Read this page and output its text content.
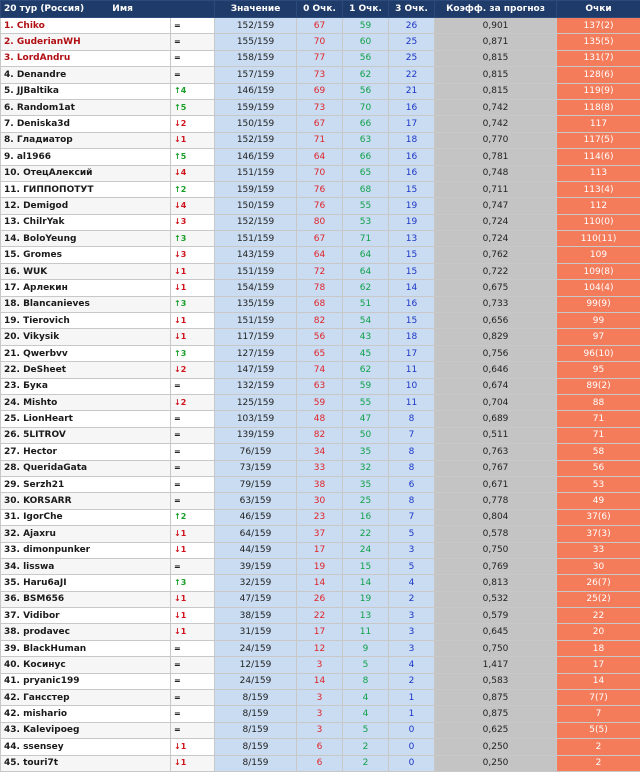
20 тур (Россия) Имя		Значение	0 Очк.	1 Очк.	3 Очк.	Коэфф. за прогноз	Очки
1. Chiko	=	152/159	67	59	26	0,901	137(2)
2. GuderianWH	=	155/159	70	60	25	0,871	135(5)
3. LordAndru	=	158/159	77	56	25	0,815	131(7)
4. Denandre	=	157/159	73	62	22	0,815	128(6)
5. JJBaltika	↑4	146/159	69	56	21	0,815	119(9)
6. Random1at	↑5	159/159	73	70	16	0,742	118(8)
7. Deniska3d	↓2	150/159	67	66	17	0,742	117
8. Гладиатор	↓1	152/159	71	63	18	0,770	117(5)
9. al1966	↑5	146/159	64	66	16	0,781	114(6)
10. ОтецАлексий	↓4	151/159	70	65	16	0,748	113
11. ГИППОПОТУТ	↑2	159/159	76	68	15	0,711	113(4)
12. Demigod	↓4	150/159	76	55	19	0,747	112
13. ChilrYak	↓3	152/159	80	53	19	0,724	110(0)
14. BoloYeung	↑3	151/159	67	71	13	0,724	110(11)
15. Gromes	↓3	143/159	64	64	15	0,762	109
16. WUK	↓1	151/159	72	64	15	0,722	109(8)
17. Арлекин	↓1	154/159	78	62	14	0,675	104(4)
18. Blancanieves	↑3	135/159	68	51	16	0,733	99(9)
19. Tierovich	↓1	151/159	82	54	15	0,656	99
20. Vikysik	↓1	117/159	56	43	18	0,829	97
21. Qwerbvv	↑3	127/159	65	45	17	0,756	96(10)
22. DeSheet	↓2	147/159	74	62	11	0,646	95
23. Бука	=	132/159	63	59	10	0,674	89(2)
24. Mishto	↓2	125/159	59	55	11	0,704	88
25. LionHeart	=	103/159	48	47	8	0,689	71
26. 5LITROV	=	139/159	82	50	7	0,511	71
27. Hector	=	76/159	34	35	8	0,763	58
28. QueridaGata	=	73/159	33	32	8	0,767	56
29. Serzh21	=	79/159	38	35	6	0,671	53
30. KORSARR	=	63/159	30	25	8	0,778	49
31. IgorChe	↑2	46/159	23	16	7	0,804	37(6)
32. Ajaxru	↓1	64/159	37	22	5	0,578	37(3)
33. dimonpunker	↓1	44/159	17	24	3	0,750	33
34. lisswa	=	39/159	19	15	5	0,769	30
35. Haru6aJI	↑3	32/159	14	14	4	0,813	26(7)
36. BSM656	↓1	47/159	26	19	2	0,532	25(2)
37. Vidibor	↓1	38/159	22	13	3	0,579	22
38. prodavec	↓1	31/159	17	11	3	0,645	20
39. BlackHuman	=	24/159	12	9	3	0,750	18
40. Косинус	=	12/159	3	5	4	1,417	17
41. pryanic199	=	24/159	14	8	2	0,583	14
42. Гансстер	=	8/159	3	4	1	0,875	7(7)
42. mishario	=	8/159	3	4	1	0,875	7
43. Kalevipoeg	=	8/159	3	5	0	0,625	5(5)
44. ssensey	↓1	8/159	6	2	0	0,250	2
45. touri7t	↓1	8/159	6	2	0	0,250	2
